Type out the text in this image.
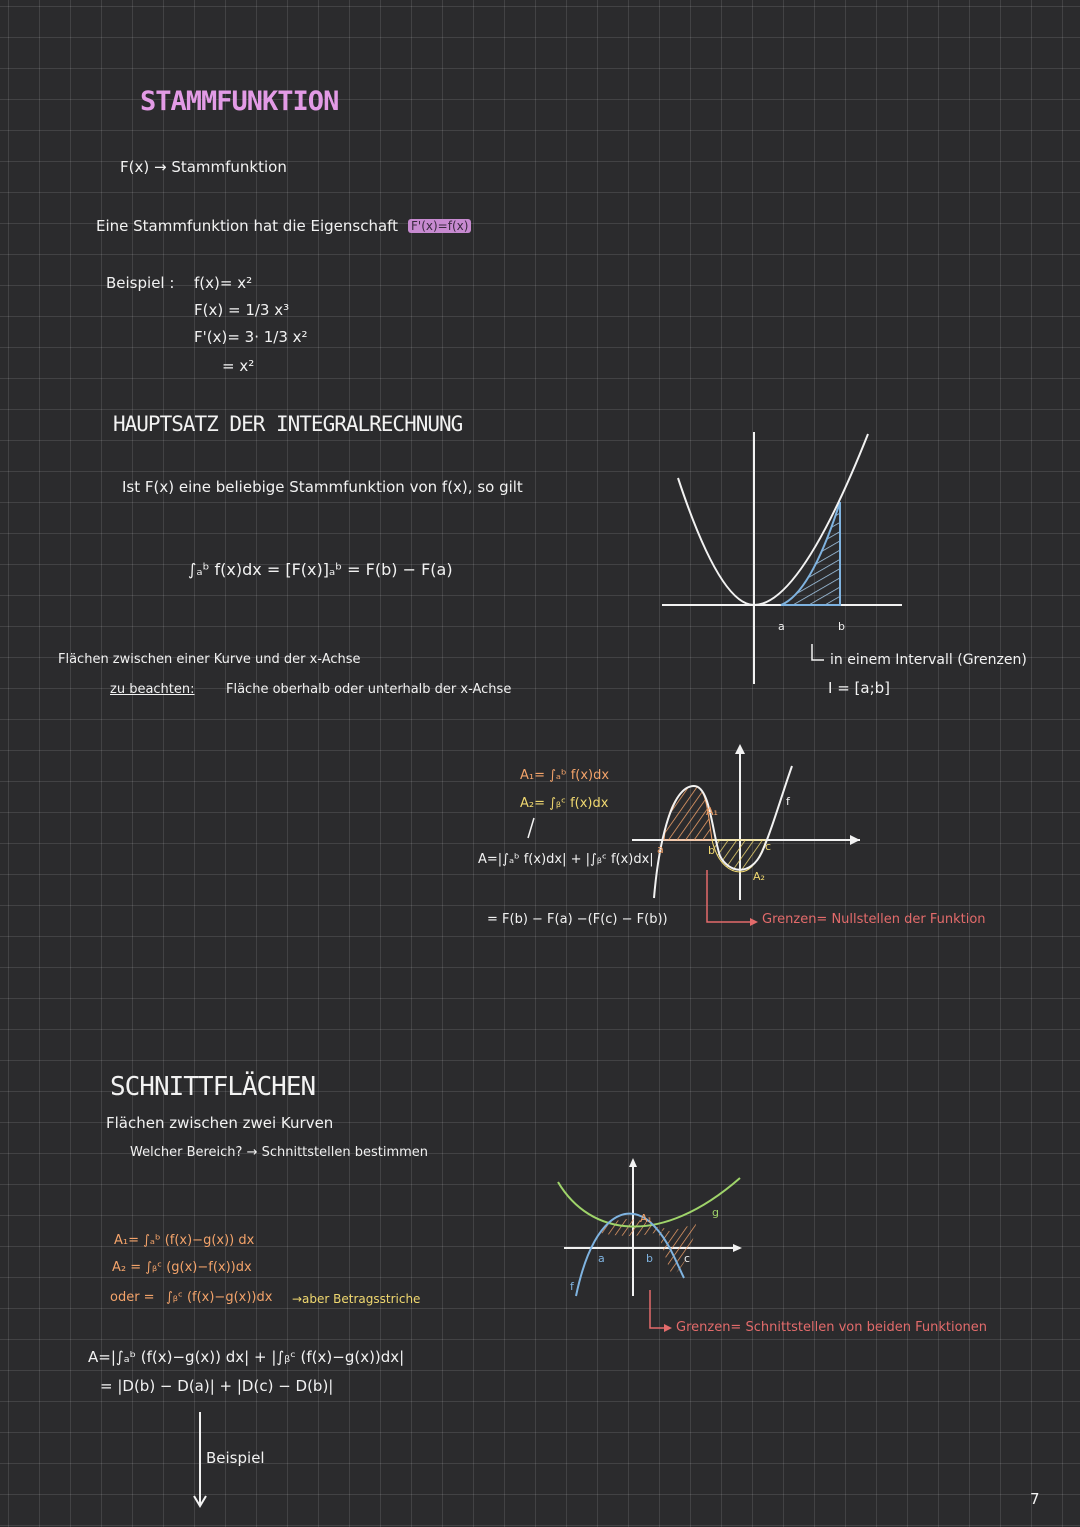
STAMMFUNKTION
F(x) → Stammfunktion
Eine Stammfunktion hat die Eigenschaft F'(x)=f(x)
Beispiel : f(x)= x²
F(x) = 1/3 x³
F'(x)= 3· 1/3 x²
= x²
HAUPTSATZ DER INTEGRALRECHNUNG
Ist F(x) eine beliebige Stammfunktion von f(x), so gilt
∫ₐᵇ f(x)dx = [F(x)]ₐᵇ = F(b) − F(a)
a	b
in einem Intervall (Grenzen)
I = [a;b]
Flächen zwischen einer Kurve und der x-Achse
zu beachten: Fläche oberhalb oder unterhalb der x-Achse
A₁= ∫ₐᵇ f(x)dx
A₂= ∫ᵦᶜ f(x)dx
A=|∫ₐᵇ f(x)dx| + |∫ᵦᶜ f(x)dx|
= F(b) − F(a) −(F(c) − F(b))
A₁
A₂
f
a	b	c
Grenzen= Nullstellen der Funktion
SCHNITTFLÄCHEN
Flächen zwischen zwei Kurven
Welcher Bereich? → Schnittstellen bestimmen
A₁= ∫ₐᵇ (f(x)−g(x)) dx
A₂ = ∫ᵦᶜ (g(x)−f(x))dx
oder = ∫ᵦᶜ (f(x)−g(x))dx →aber Betragsstriche
A=|∫ₐᵇ (f(x)−g(x)) dx| + |∫ᵦᶜ (f(x)−g(x))dx|
= |D(b) − D(a)| + |D(c) − D(b)|
Beispiel
A₁	g
f
a	b	c
Grenzen= Schnittstellen von beiden Funktionen
7
